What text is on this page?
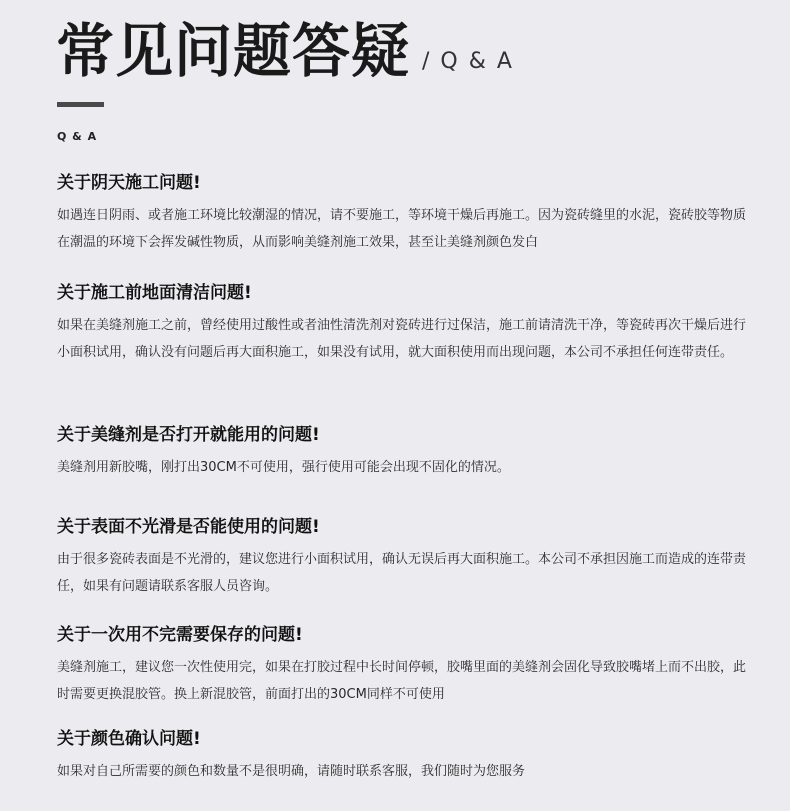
常见问题答疑 / Q & A
Q & A

关于阴天施工问题!

如遇连日阴雨、或者施工环境比较潮湿的情况，请不要施工，等环境干燥后再施工。因为瓷砖缝里的水泥，瓷砖胶等物质在潮温的环境下会挥发碱性物质，从而影响美缝剂施工效果，甚至让美缝剂颜色发白

关于施工前地面清洁问题!

如果在美缝剂施工之前，曾经使用过酸性或者油性清洗剂对瓷砖进行过保洁，施工前请清洗干净，等瓷砖再次干燥后进行小面积试用，确认没有问题后再大面积施工，如果没有试用，就大面积使用而出现问题，本公司不承担任何连带责任。

关于美缝剂是否打开就能用的问题!

美缝剂用新胶嘴，刚打出30CM不可使用，强行使用可能会出现不固化的情况。

关于表面不光滑是否能使用的问题!

由于很多瓷砖表面是不光滑的，建议您进行小面积试用，确认无误后再大面积施工。本公司不承担因施工而造成的连带责任，如果有问题请联系客服人员咨询。

关于一次用不完需要保存的问题!

美缝剂施工，建议您一次性使用完，如果在打胶过程中长时间停顿，胶嘴里面的美缝剂会固化导致胶嘴堵上而不出胶，此时需要更换混胶管。换上新混胶管，前面打出的30CM同样不可使用

关于颜色确认问题!

如果对自己所需要的颜色和数量不是很明确，请随时联系客服，我们随时为您服务
